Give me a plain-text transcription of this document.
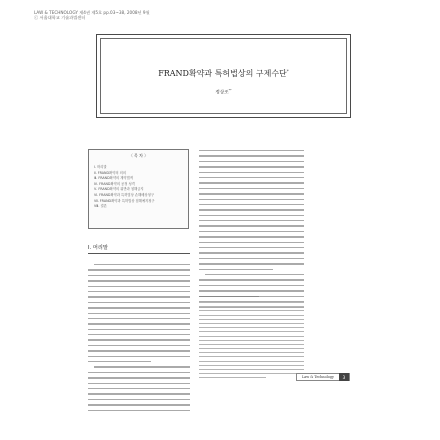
LAW & TECHNOLOGY 제4권 제5호 pp.03~38, 2008년 9월
ⓒ 서울대학교 기술과법센터
FRAND확약과 특허법상의 구제수단*
정상조**
〈 목 차 〉
Ⅰ. 머리말
Ⅱ. FRAND확약의 의의
Ⅲ. FRAND확약의 계약법적
Ⅳ. FRAND확약의 공정 성격
Ⅴ. FRAND확약의 위반과 침해금지
Ⅵ. FRAND확약과 특허법상 손해배상청구
Ⅶ. FRAND확약과 특허법상 침해예지청구
Ⅷ. 결론
Ⅰ. 머리말
Law & Technology	3
